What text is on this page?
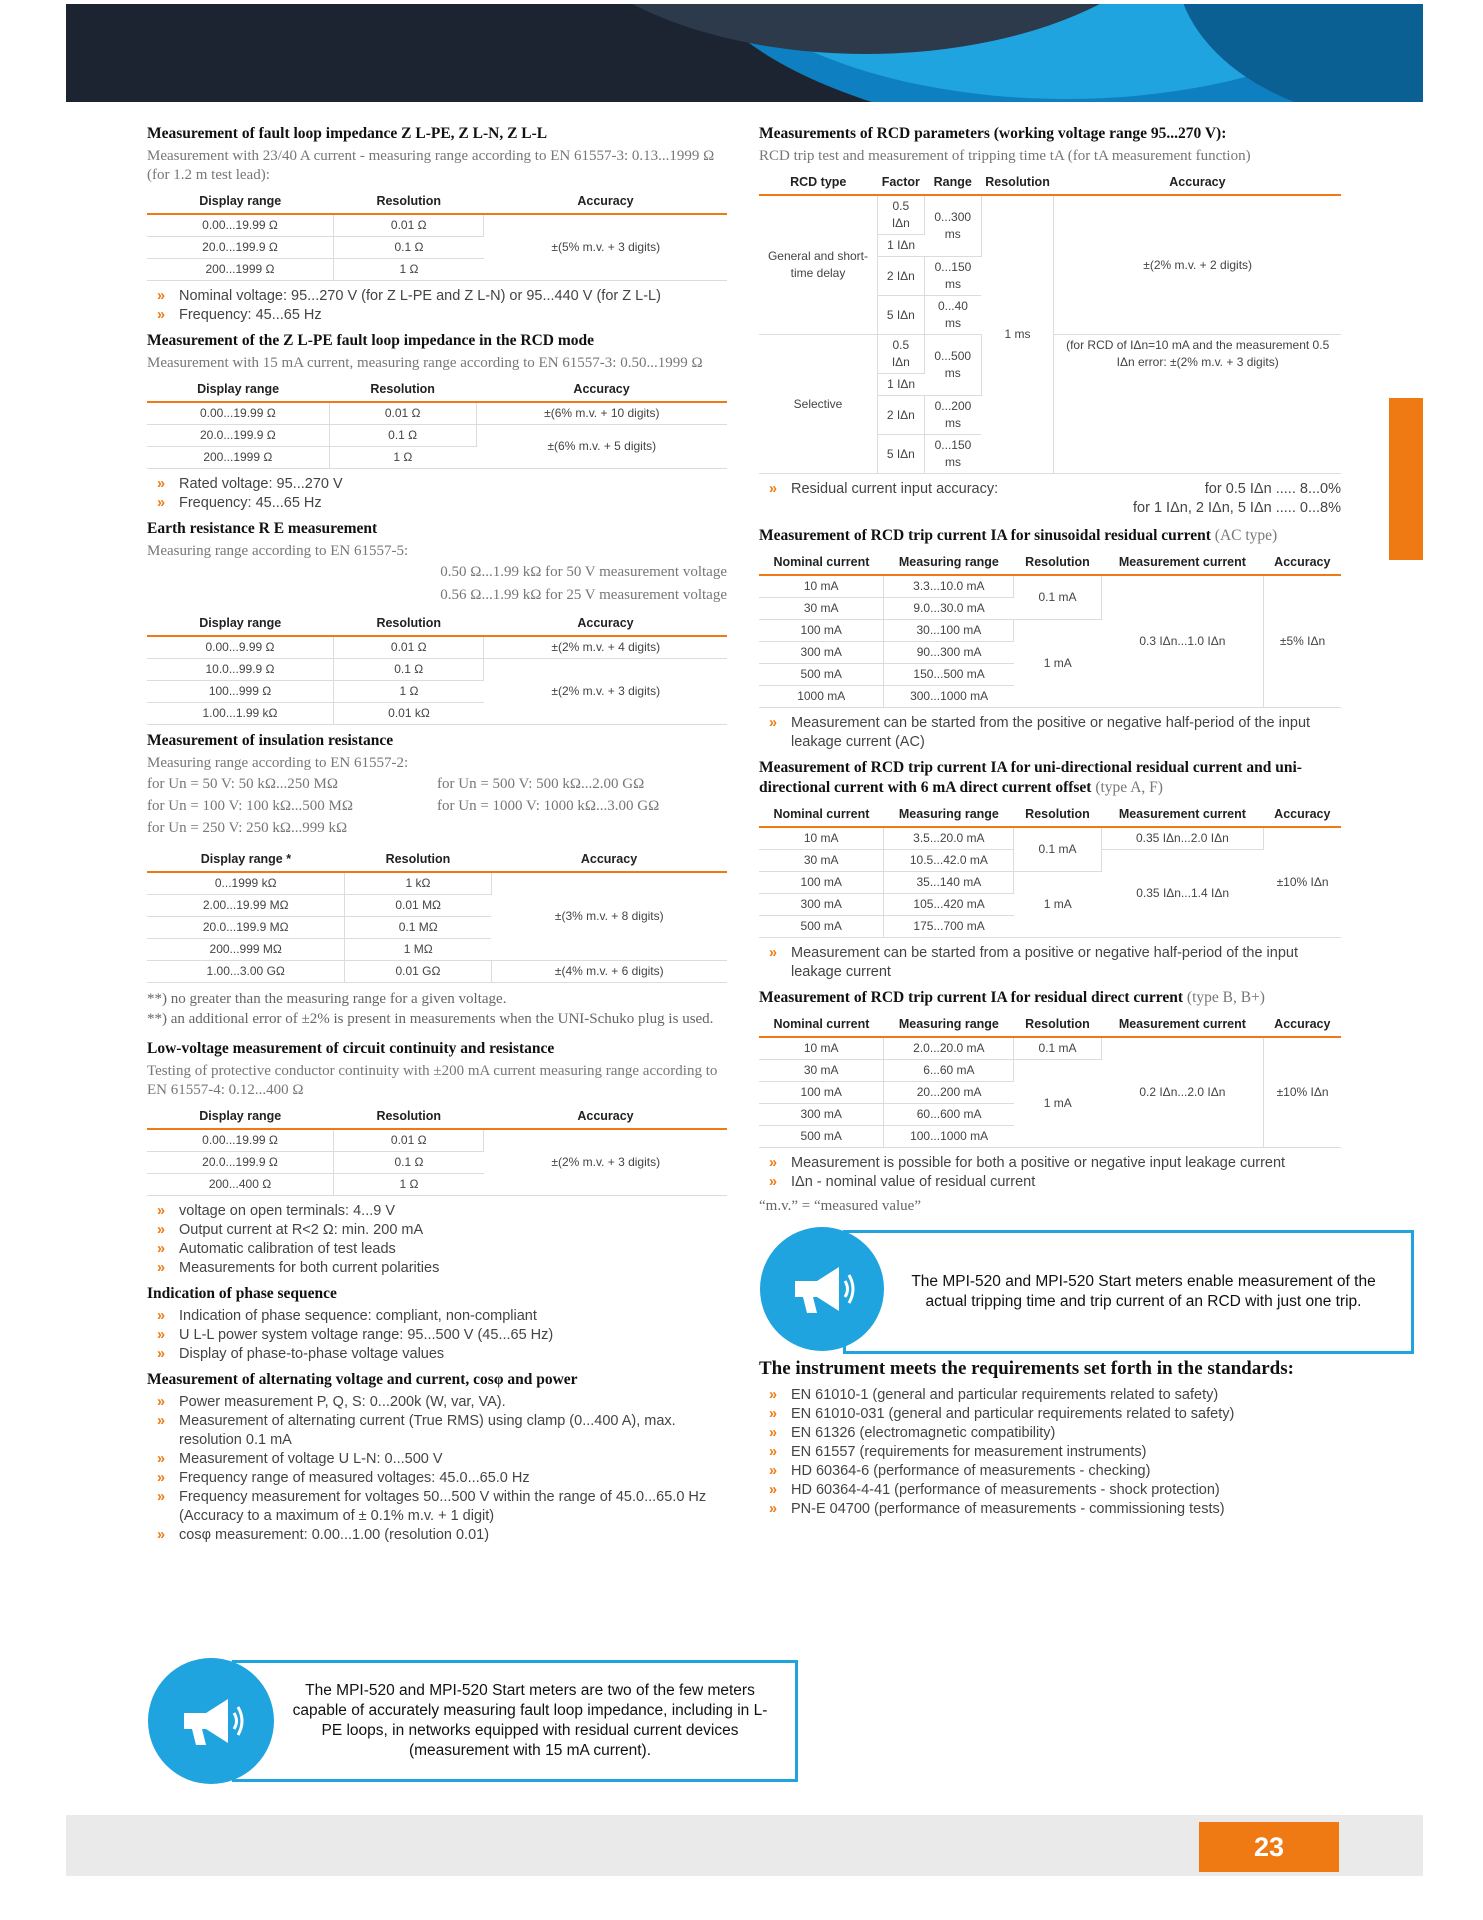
Measurement of fault loop impedance Z L-PE, Z L-N, Z L-L

Measurement with 23/40 A current - measuring range according to EN 61557-3: 0.13...1999 Ω (for 1.2 m test lead):

Display range	Resolution	Accuracy
0.00...19.99 Ω	0.01 Ω	±(5% m.v. + 3 digits)
20.0...199.9 Ω	0.1 Ω	
200...1999 Ω	1 Ω	
» Nominal voltage: 95...270 V (for Z L-PE and Z L-N) or 95...440 V (for Z L-L)
» Frequency: 45...65 Hz
Measurement of the Z L-PE fault loop impedance in the RCD mode

Measurement with 15 mA current, measuring range according to EN 61557-3: 0.50...1999 Ω

Display range	Resolution	Accuracy
0.00...19.99 Ω	0.01 Ω	±(6% m.v. + 10 digits)
20.0...199.9 Ω	0.1 Ω	±(6% m.v. + 5 digits)
200...1999 Ω	1 Ω	
» Rated voltage: 95...270 V
» Frequency: 45...65 Hz
Earth resistance R E measurement

Measuring range according to EN 61557-5:

0.50 Ω...1.99 kΩ for 50 V measurement voltage
0.56 Ω...1.99 kΩ for 25 V measurement voltage
Display range	Resolution	Accuracy
0.00...9.99 Ω	0.01 Ω	±(2% m.v. + 4 digits)
10.0...99.9 Ω	0.1 Ω	±(2% m.v. + 3 digits)
100...999 Ω	1 Ω	
1.00...1.99 kΩ	0.01 kΩ	
Measurement of insulation resistance

Measuring range according to EN 61557-2:

for Un = 50 V: 50 kΩ...250 MΩ	for Un = 500 V: 500 kΩ...2.00 GΩ
for Un = 100 V: 100 kΩ...500 MΩ	for Un = 1000 V: 1000 kΩ...3.00 GΩ
for Un = 250 V: 250 kΩ...999 kΩ
Display range *	Resolution	Accuracy
0...1999 kΩ	1 kΩ	±(3% m.v. + 8 digits)
2.00...19.99 MΩ	0.01 MΩ	
20.0...199.9 MΩ	0.1 MΩ	
200...999 MΩ	1 MΩ	
1.00...3.00 GΩ	0.01 GΩ	±(4% m.v. + 6 digits)

**) no greater than the measuring range for a given voltage.

**) an additional error of ±2% is present in measurements when the UNI-Schuko plug is used.

Low-voltage measurement of circuit continuity and resistance

Testing of protective conductor continuity with ±200 mA current measuring range according to EN 61557-4: 0.12...400 Ω

Display range	Resolution	Accuracy
0.00...19.99 Ω	0.01 Ω	±(2% m.v. + 3 digits)
20.0...199.9 Ω	0.1 Ω	
200...400 Ω	1 Ω	
» voltage on open terminals: 4...9 V
» Output current at R<2 Ω: min. 200 mA
» Automatic calibration of test leads
» Measurements for both current polarities
Indication of phase sequence
» Indication of phase sequence: compliant, non-compliant
» U L-L power system voltage range: 95...500 V (45...65 Hz)
» Display of phase-to-phase voltage values
Measurement of alternating voltage and current, cosφ and power
» Power measurement P, Q, S: 0...200k (W, var, VA).
» Measurement of alternating current (True RMS) using clamp (0...400 A), max. resolution 0.1 mA
» Measurement of voltage U L-N: 0...500 V
» Frequency range of measured voltages: 45.0...65.0 Hz
» Frequency measurement for voltages 50...500 V within the range of 45.0...65.0 Hz (Accuracy to a maximum of ± 0.1% m.v. + 1 digit)
» cosφ measurement: 0.00...1.00 (resolution 0.01)
The MPI-520 and MPI-520 Start meters are two of the few meters capable of accurately measuring fault loop impedance, including in L-PE loops, in networks equipped with residual current devices (measurement with 15 mA current).
Measurements of RCD parameters (working voltage range 95...270 V):

RCD trip test and measurement of tripping time tA (for tA measurement function)

RCD type	Factor	Range	Resolution	Accuracy
General and short-time delay	0.5 IΔn	0...300 ms	1 ms	±(2% m.v. + 2 digits)
	1 IΔn			
	2 IΔn	0...150 ms		
	5 IΔn	0...40 ms		
Selective	0.5 IΔn	0...500 ms		(for RCD of IΔn=10 mA and the measurement 0.5 IΔn error: ±(2% m.v. + 3 digits)
	1 IΔn			
	2 IΔn	0...200 ms		
	5 IΔn	0...150 ms		
» Residual current input accuracy:	for 0.5 IΔn ..... 8...0%
for 1 IΔn, 2 IΔn, 5 IΔn ..... 0...8%
Measurement of RCD trip current IA for sinusoidal residual current (AC type)
Nominal current	Measuring range	Resolution	Measurement current	Accuracy
10 mA	3.3...10.0 mA	0.1 mA	0.3 IΔn...1.0 IΔn	±5% IΔn
30 mA	9.0...30.0 mA			
100 mA	30...100 mA	1 mA		
300 mA	90...300 mA			
500 mA	150...500 mA			
1000 mA	300...1000 mA			
» Measurement can be started from the positive or negative half-period of the input leakage current (AC)
Measurement of RCD trip current IA for uni-directional residual current and uni-directional current with 6 mA direct current offset (type A, F)
Nominal current	Measuring range	Resolution	Measurement current	Accuracy
10 mA	3.5...20.0 mA	0.1 mA	0.35 IΔn...2.0 IΔn	±10% IΔn
30 mA	10.5...42.0 mA		0.35 IΔn...1.4 IΔn	
100 mA	35...140 mA	1 mA		
300 mA	105...420 mA			
500 mA	175...700 mA			
» Measurement can be started from a positive or negative half-period of the input leakage current
Measurement of RCD trip current IA for residual direct current (type B, B+)
Nominal current	Measuring range	Resolution	Measurement current	Accuracy
10 mA	2.0...20.0 mA	0.1 mA	0.2 IΔn...2.0 IΔn	±10% IΔn
30 mA	6...60 mA	1 mA		
100 mA	20...200 mA			
300 mA	60...600 mA			
500 mA	100...1000 mA			
» Measurement is possible for both a positive or negative input leakage current
» IΔn - nominal value of residual current

“m.v.” = “measured value”

The MPI-520 and MPI-520 Start meters enable measurement of the actual tripping time and trip current of an RCD with just one trip.
The instrument meets the requirements set forth in the standards:
» EN 61010-1 (general and particular requirements related to safety)
» EN 61010-031 (general and particular requirements related to safety)
» EN 61326 (electromagnetic compatibility)
» EN 61557 (requirements for measurement instruments)
» HD 60364-6 (performance of measurements - checking)
» HD 60364-4-41 (performance of measurements - shock protection)
» PN-E 04700 (performance of measurements - commissioning tests)
23
